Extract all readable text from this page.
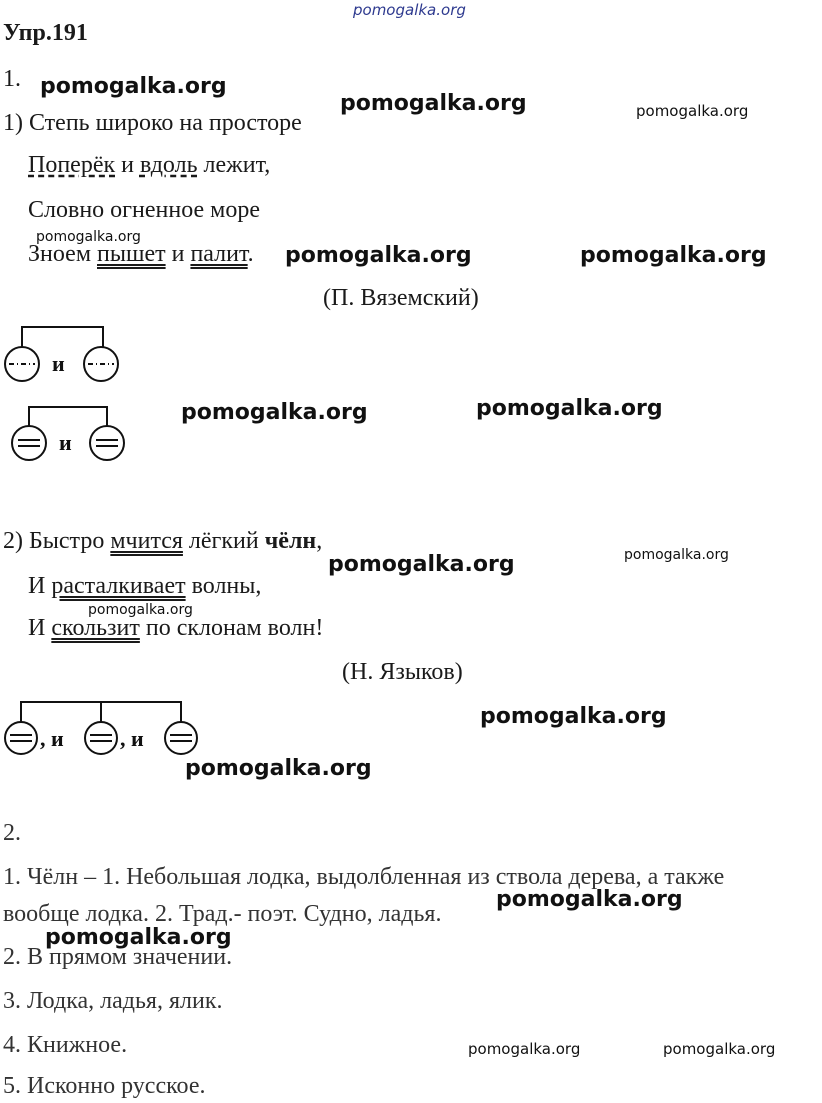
pomogalka.org
Упр.191
1. pomogalka.org
pomogalka.org	pomogalka.org
1) Степь широко на просторе
Поперёк и вдоль лежит,
Словно огненное море
pomogalka.org
Зноем пышет и палит. pomogalka.org	pomogalka.org
(П. Вяземский)
и
и
pomogalka.org	pomogalka.org
2) Быстро мчится лёгкий чёлн,
pomogalka.org
pomogalka.org
И расталкивает волны,
pomogalka.org
И скользит по склонам волн!
(Н. Языков)
, и	, и
pomogalka.org
pomogalka.org
2.
1. Чёлн – 1. Небольшая лодка, выдолбленная из ствола дерева, а также
вообще лодка. 2. Трад.- поэт. Судно, ладья.
pomogalka.org
pomogalka.org
2. В прямом значении.
3. Лодка, ладья, ялик.
4. Книжное.	pomogalka.org	pomogalka.org
5. Исконно русское.
